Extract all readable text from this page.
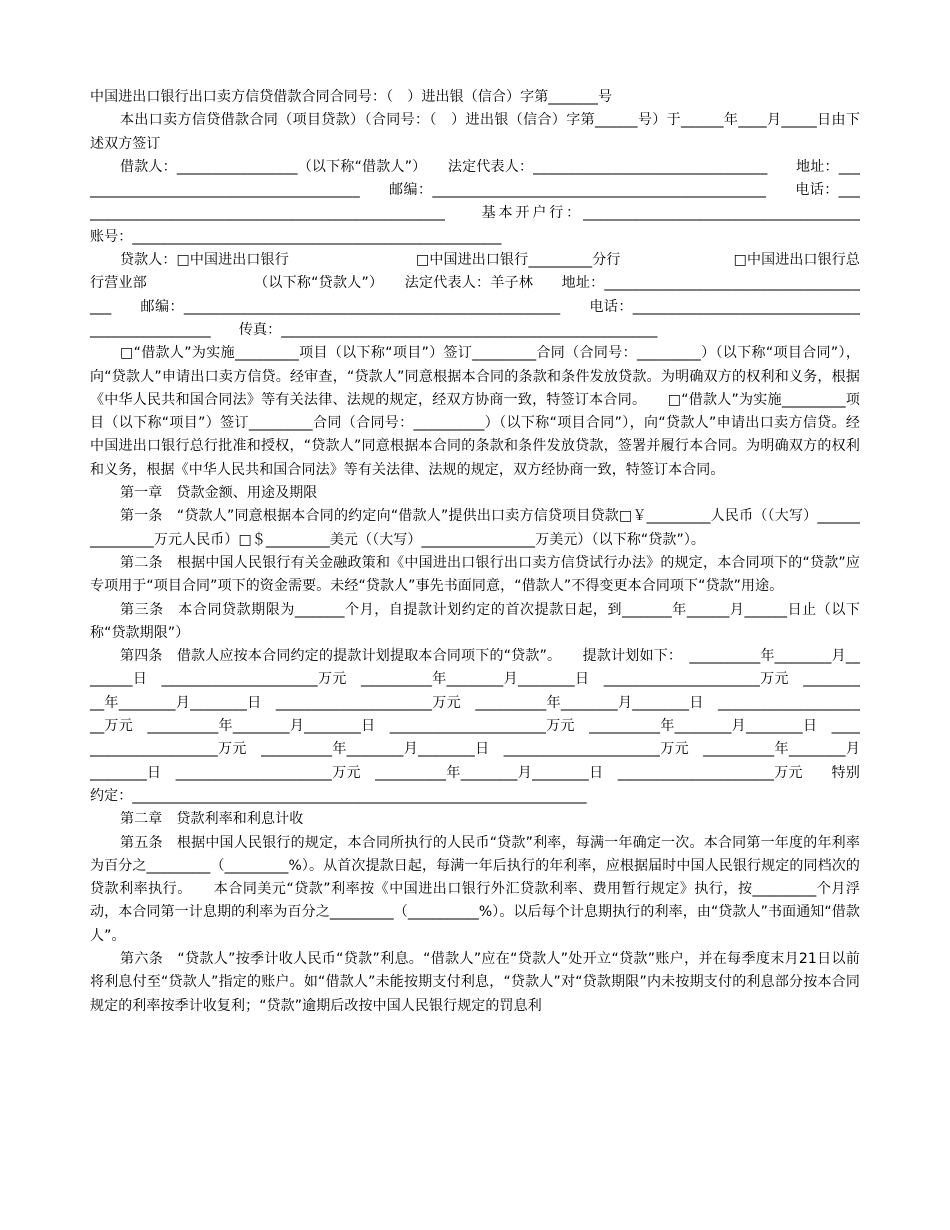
中国进出口银行出口卖方信贷借款合同合同号：（　）进出银（信合）字第_______号

本出口卖方信贷借款合同（项目贷款）（合同号：（　）进出银（信合）字第______号）于______年____月_____日由下述双方签订

借款人：_________________（以下称“借款人”）　　法定代表人：_________________________________　　地址：_________________________________________　　邮编：_______________________________________________　　电话：_____________________________________________________　　基本开户行：_______________________________________　　账号：____________________________________________________

贷款人：□中国进出口银行　　　　　　　　　□中国进出口银行_________分行　　　　　　　　□中国进出口银行总行营业部　　　　　　　　（以下称“贷款人”）　　法定代表人：羊子林　　地址：_______________________________________　　邮编：_____________________________________________________　　电话：_________________________________________________　　传真：_____________________________________________________

□“借款人”为实施_________项目（以下称“项目”）签订_________合同（合同号：_________）（以下称“项目合同”），向“贷款人”申请出口卖方信贷。经审查，“贷款人”同意根据本合同的条款和条件发放贷款。为明确双方的权利和义务，根据《中华人民共和国合同法》等有关法律、法规的规定，经双方协商一致，特签订本合同。　　□“借款人”为实施_________项目（以下称“项目”）签订_________合同（合同号：__________）（以下称“项目合同”），向“贷款人”申请出口卖方信贷。经中国进出口银行总行批准和授权，“贷款人”同意根据本合同的条款和条件发放贷款，签署并履行本合同。为明确双方的权利和义务，根据《中华人民共和国合同法》等有关法律、法规的规定，双方经协商一致，特签订本合同。

第一章　贷款金额、用途及期限

第一条　“贷款人”同意根据本合同的约定向“借款人”提供出口卖方信贷项目贷款□￥_________人民币（（大写）_______________万元人民币）□＄_________美元（（大写）________________万美元）（以下称“贷款”）。

第二条　根据中国人民银行有关金融政策和《中国进出口银行出口卖方信贷试行办法》的规定，本合同项下的“贷款”应专项用于“项目合同”项下的资金需要。未经“贷款人”事先书面同意，“借款人”不得变更本合同项下“贷款”用途。

第三条　本合同贷款期限为_______个月，自提款计划约定的首次提款日起，到_______年______月______日止（以下称“贷款期限”）

第四条　借款人应按本合同约定的提款计划提取本合同项下的“贷款”。　　提款计划如下：　__________年________月________日　______________________万元　__________年________月________日　______________________万元　__________年________月________日　______________________万元　__________年________月________日　______________________万元　__________年________月________日　______________________万元　__________年________月________日　______________________万元　__________年________月________日　______________________万元　__________年________月________日　______________________万元　__________年________月________日　______________________万元　　特别约定：________________________________________________________________

第二章　贷款利率和利息计收

第五条　根据中国人民银行的规定，本合同所执行的人民币“贷款”利率，每满一年确定一次。本合同第一年度的年利率为百分之_________（_________%）。从首次提款日起，每满一年后执行的年利率，应根据届时中国人民银行规定的同档次的贷款利率执行。　　本合同美元“贷款”利率按《中国进出口银行外汇贷款利率、费用暂行规定》执行，按_________个月浮动，本合同第一计息期的利率为百分之_________（__________%）。以后每个计息期执行的利率，由“贷款人”书面通知“借款人”。

第六条　“贷款人”按季计收人民币“贷款”利息。“借款人”应在“贷款人”处开立“贷款”账户，并在每季度末月21日以前将利息付至“贷款人”指定的账户。如“借款人”未能按期支付利息，“贷款人”对“贷款期限”内未按期支付的利息部分按本合同规定的利率按季计收复利；“贷款”逾期后改按中国人民银行规定的罚息利
